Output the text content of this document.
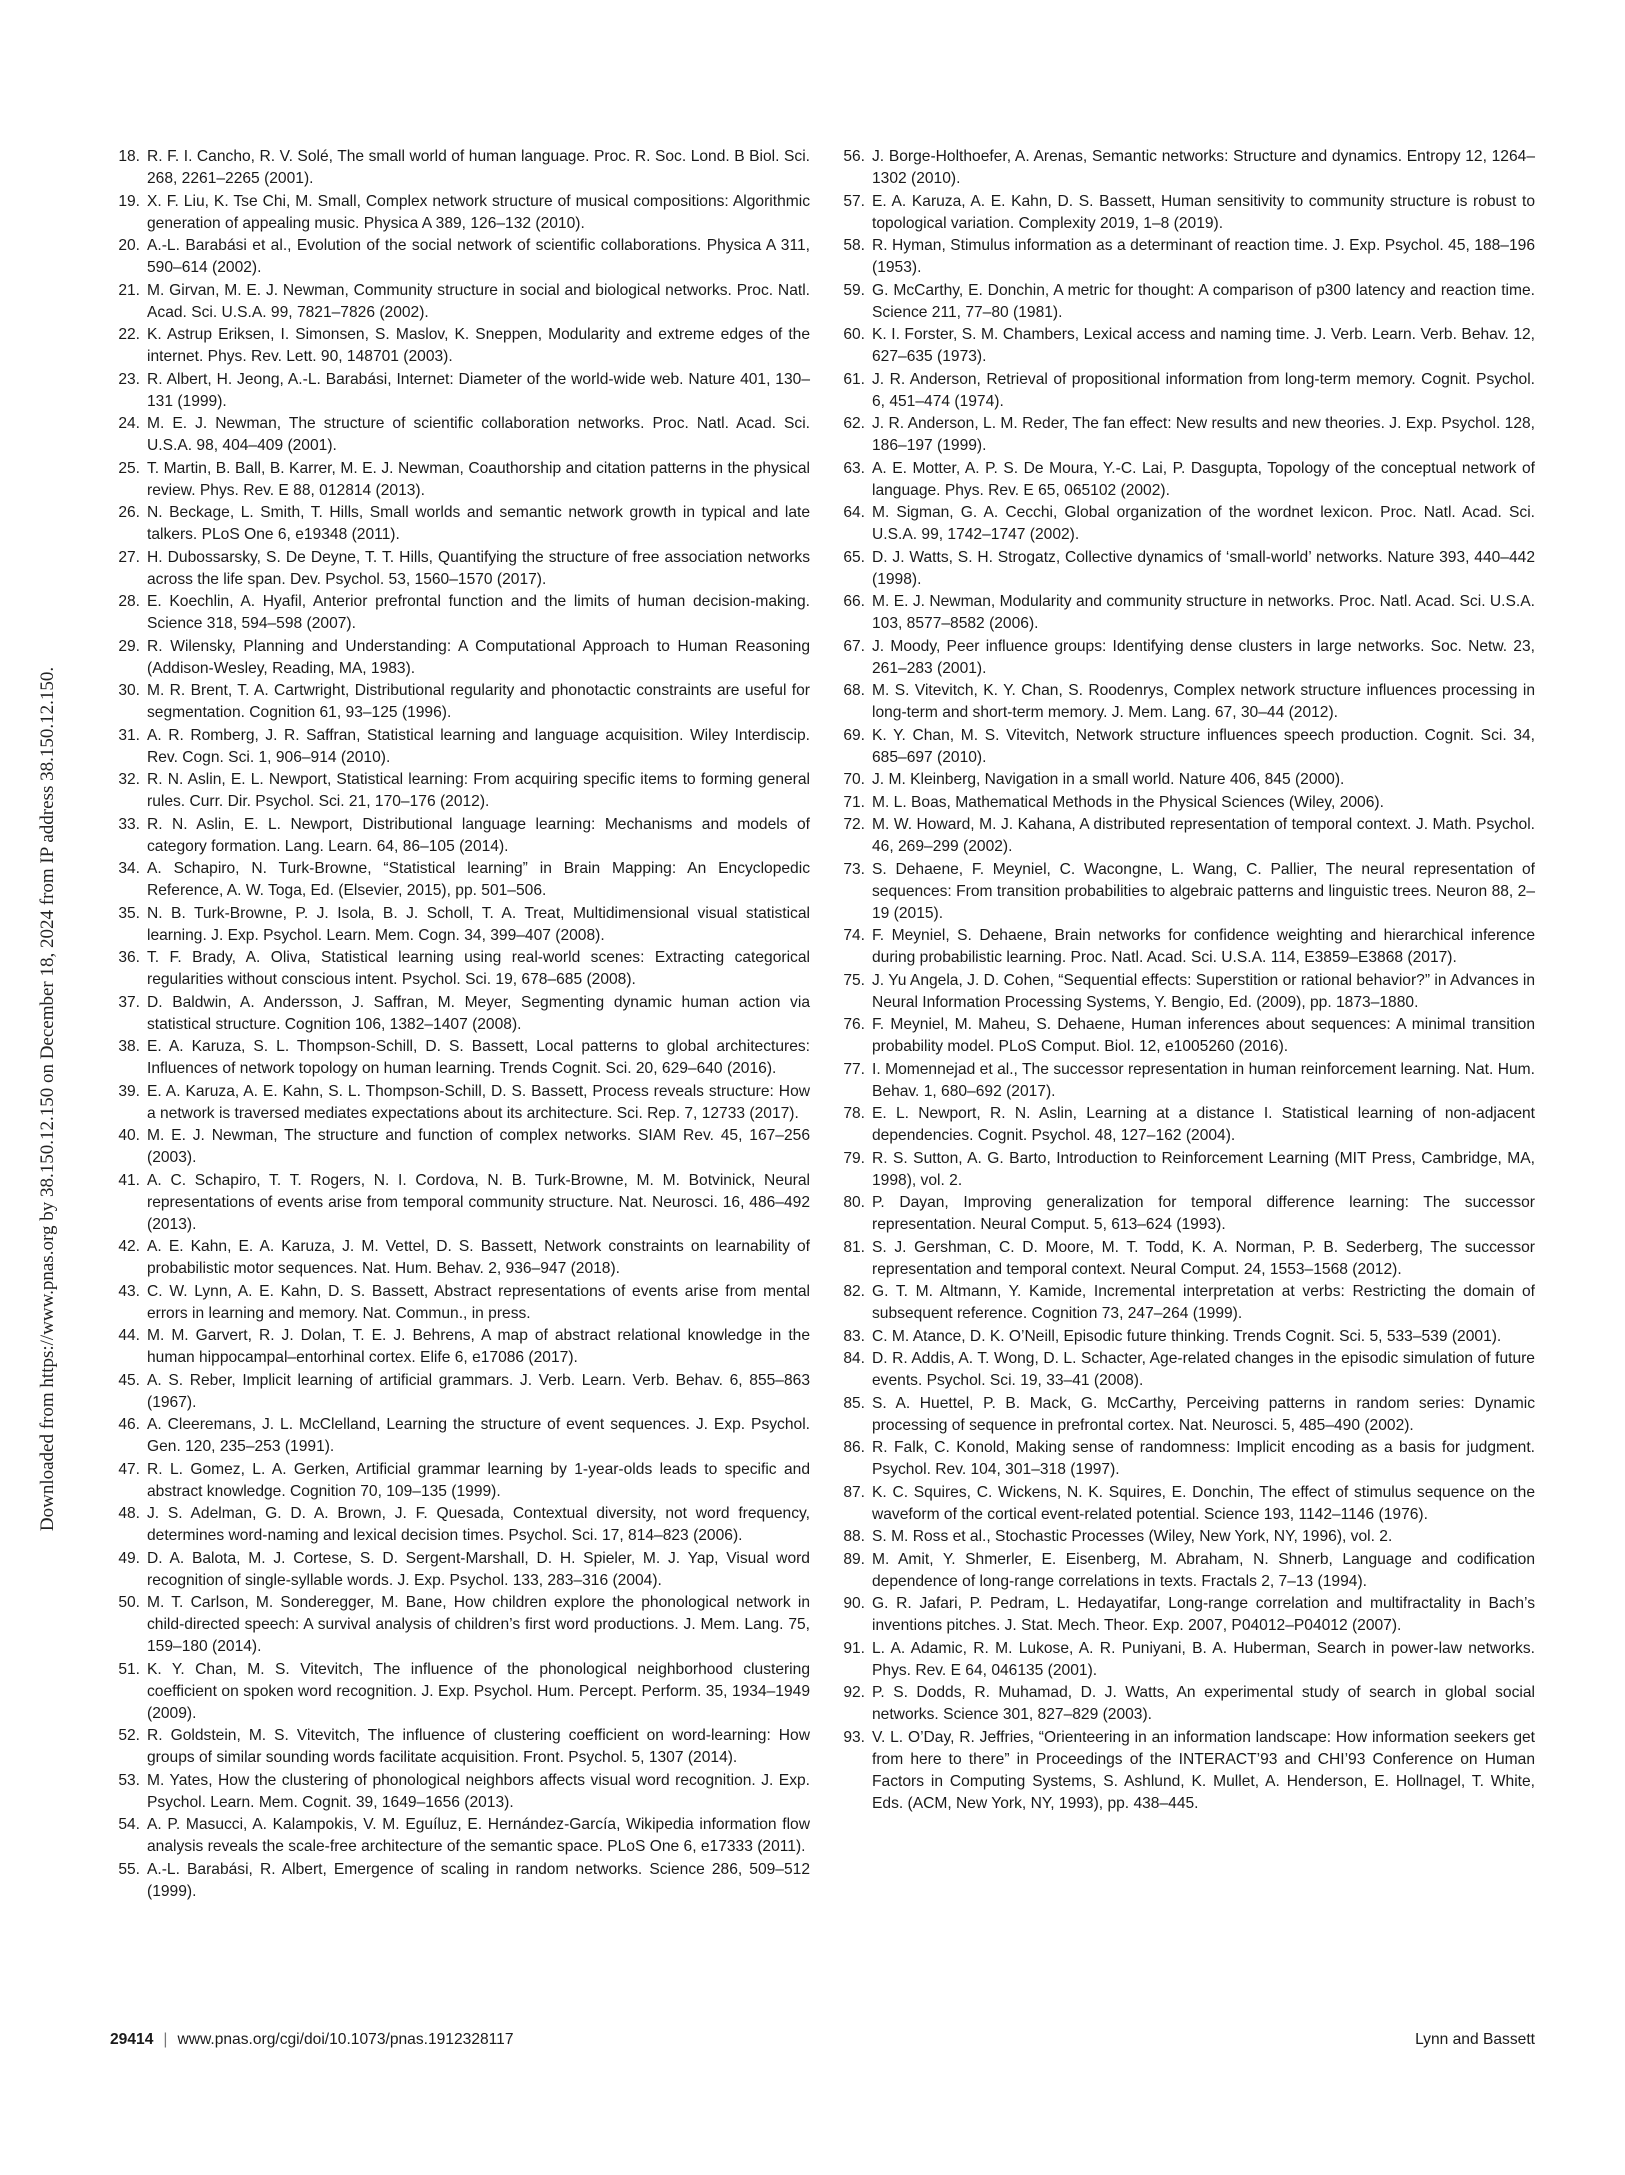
Downloaded from https://www.pnas.org by 38.150.12.150 on December 18, 2024 from IP address 38.150.12.150.
18. R. F. I. Cancho, R. V. Solé, The small world of human language. Proc. R. Soc. Lond. B Biol. Sci. 268, 2261–2265 (2001).
19. X. F. Liu, K. Tse Chi, M. Small, Complex network structure of musical compositions: Algorithmic generation of appealing music. Physica A 389, 126–132 (2010).
20. A.-L. Barabási et al., Evolution of the social network of scientific collaborations. Physica A 311, 590–614 (2002).
21. M. Girvan, M. E. J. Newman, Community structure in social and biological networks. Proc. Natl. Acad. Sci. U.S.A. 99, 7821–7826 (2002).
22. K. Astrup Eriksen, I. Simonsen, S. Maslov, K. Sneppen, Modularity and extreme edges of the internet. Phys. Rev. Lett. 90, 148701 (2003).
23. R. Albert, H. Jeong, A.-L. Barabási, Internet: Diameter of the world-wide web. Nature 401, 130–131 (1999).
24. M. E. J. Newman, The structure of scientific collaboration networks. Proc. Natl. Acad. Sci. U.S.A. 98, 404–409 (2001).
25. T. Martin, B. Ball, B. Karrer, M. E. J. Newman, Coauthorship and citation patterns in the physical review. Phys. Rev. E 88, 012814 (2013).
26. N. Beckage, L. Smith, T. Hills, Small worlds and semantic network growth in typical and late talkers. PLoS One 6, e19348 (2011).
27. H. Dubossarsky, S. De Deyne, T. T. Hills, Quantifying the structure of free association networks across the life span. Dev. Psychol. 53, 1560–1570 (2017).
28. E. Koechlin, A. Hyafil, Anterior prefrontal function and the limits of human decision-making. Science 318, 594–598 (2007).
29. R. Wilensky, Planning and Understanding: A Computational Approach to Human Reasoning (Addison-Wesley, Reading, MA, 1983).
30. M. R. Brent, T. A. Cartwright, Distributional regularity and phonotactic constraints are useful for segmentation. Cognition 61, 93–125 (1996).
31. A. R. Romberg, J. R. Saffran, Statistical learning and language acquisition. Wiley Interdiscip. Rev. Cogn. Sci. 1, 906–914 (2010).
32. R. N. Aslin, E. L. Newport, Statistical learning: From acquiring specific items to forming general rules. Curr. Dir. Psychol. Sci. 21, 170–176 (2012).
33. R. N. Aslin, E. L. Newport, Distributional language learning: Mechanisms and models of category formation. Lang. Learn. 64, 86–105 (2014).
34. A. Schapiro, N. Turk-Browne, “Statistical learning” in Brain Mapping: An Encyclopedic Reference, A. W. Toga, Ed. (Elsevier, 2015), pp. 501–506.
35. N. B. Turk-Browne, P. J. Isola, B. J. Scholl, T. A. Treat, Multidimensional visual statistical learning. J. Exp. Psychol. Learn. Mem. Cogn. 34, 399–407 (2008).
36. T. F. Brady, A. Oliva, Statistical learning using real-world scenes: Extracting categorical regularities without conscious intent. Psychol. Sci. 19, 678–685 (2008).
37. D. Baldwin, A. Andersson, J. Saffran, M. Meyer, Segmenting dynamic human action via statistical structure. Cognition 106, 1382–1407 (2008).
38. E. A. Karuza, S. L. Thompson-Schill, D. S. Bassett, Local patterns to global architectures: Influences of network topology on human learning. Trends Cognit. Sci. 20, 629–640 (2016).
39. E. A. Karuza, A. E. Kahn, S. L. Thompson-Schill, D. S. Bassett, Process reveals structure: How a network is traversed mediates expectations about its architecture. Sci. Rep. 7, 12733 (2017).
40. M. E. J. Newman, The structure and function of complex networks. SIAM Rev. 45, 167–256 (2003).
41. A. C. Schapiro, T. T. Rogers, N. I. Cordova, N. B. Turk-Browne, M. M. Botvinick, Neural representations of events arise from temporal community structure. Nat. Neurosci. 16, 486–492 (2013).
42. A. E. Kahn, E. A. Karuza, J. M. Vettel, D. S. Bassett, Network constraints on learnability of probabilistic motor sequences. Nat. Hum. Behav. 2, 936–947 (2018).
43. C. W. Lynn, A. E. Kahn, D. S. Bassett, Abstract representations of events arise from mental errors in learning and memory. Nat. Commun., in press.
44. M. M. Garvert, R. J. Dolan, T. E. J. Behrens, A map of abstract relational knowledge in the human hippocampal–entorhinal cortex. Elife 6, e17086 (2017).
45. A. S. Reber, Implicit learning of artificial grammars. J. Verb. Learn. Verb. Behav. 6, 855–863 (1967).
46. A. Cleeremans, J. L. McClelland, Learning the structure of event sequences. J. Exp. Psychol. Gen. 120, 235–253 (1991).
47. R. L. Gomez, L. A. Gerken, Artificial grammar learning by 1-year-olds leads to specific and abstract knowledge. Cognition 70, 109–135 (1999).
48. J. S. Adelman, G. D. A. Brown, J. F. Quesada, Contextual diversity, not word frequency, determines word-naming and lexical decision times. Psychol. Sci. 17, 814–823 (2006).
49. D. A. Balota, M. J. Cortese, S. D. Sergent-Marshall, D. H. Spieler, M. J. Yap, Visual word recognition of single-syllable words. J. Exp. Psychol. 133, 283–316 (2004).
50. M. T. Carlson, M. Sonderegger, M. Bane, How children explore the phonological network in child-directed speech: A survival analysis of children’s first word productions. J. Mem. Lang. 75, 159–180 (2014).
51. K. Y. Chan, M. S. Vitevitch, The influence of the phonological neighborhood clustering coefficient on spoken word recognition. J. Exp. Psychol. Hum. Percept. Perform. 35, 1934–1949 (2009).
52. R. Goldstein, M. S. Vitevitch, The influence of clustering coefficient on word-learning: How groups of similar sounding words facilitate acquisition. Front. Psychol. 5, 1307 (2014).
53. M. Yates, How the clustering of phonological neighbors affects visual word recognition. J. Exp. Psychol. Learn. Mem. Cognit. 39, 1649–1656 (2013).
54. A. P. Masucci, A. Kalampokis, V. M. Eguíluz, E. Hernández-García, Wikipedia information flow analysis reveals the scale-free architecture of the semantic space. PLoS One 6, e17333 (2011).
55. A.-L. Barabási, R. Albert, Emergence of scaling in random networks. Science 286, 509–512 (1999).
56. J. Borge-Holthoefer, A. Arenas, Semantic networks: Structure and dynamics. Entropy 12, 1264–1302 (2010).
57. E. A. Karuza, A. E. Kahn, D. S. Bassett, Human sensitivity to community structure is robust to topological variation. Complexity 2019, 1–8 (2019).
58. R. Hyman, Stimulus information as a determinant of reaction time. J. Exp. Psychol. 45, 188–196 (1953).
59. G. McCarthy, E. Donchin, A metric for thought: A comparison of p300 latency and reaction time. Science 211, 77–80 (1981).
60. K. I. Forster, S. M. Chambers, Lexical access and naming time. J. Verb. Learn. Verb. Behav. 12, 627–635 (1973).
61. J. R. Anderson, Retrieval of propositional information from long-term memory. Cognit. Psychol. 6, 451–474 (1974).
62. J. R. Anderson, L. M. Reder, The fan effect: New results and new theories. J. Exp. Psychol. 128, 186–197 (1999).
63. A. E. Motter, A. P. S. De Moura, Y.-C. Lai, P. Dasgupta, Topology of the conceptual network of language. Phys. Rev. E 65, 065102 (2002).
64. M. Sigman, G. A. Cecchi, Global organization of the wordnet lexicon. Proc. Natl. Acad. Sci. U.S.A. 99, 1742–1747 (2002).
65. D. J. Watts, S. H. Strogatz, Collective dynamics of ‘small-world’ networks. Nature 393, 440–442 (1998).
66. M. E. J. Newman, Modularity and community structure in networks. Proc. Natl. Acad. Sci. U.S.A. 103, 8577–8582 (2006).
67. J. Moody, Peer influence groups: Identifying dense clusters in large networks. Soc. Netw. 23, 261–283 (2001).
68. M. S. Vitevitch, K. Y. Chan, S. Roodenrys, Complex network structure influences processing in long-term and short-term memory. J. Mem. Lang. 67, 30–44 (2012).
69. K. Y. Chan, M. S. Vitevitch, Network structure influences speech production. Cognit. Sci. 34, 685–697 (2010).
70. J. M. Kleinberg, Navigation in a small world. Nature 406, 845 (2000).
71. M. L. Boas, Mathematical Methods in the Physical Sciences (Wiley, 2006).
72. M. W. Howard, M. J. Kahana, A distributed representation of temporal context. J. Math. Psychol. 46, 269–299 (2002).
73. S. Dehaene, F. Meyniel, C. Wacongne, L. Wang, C. Pallier, The neural representation of sequences: From transition probabilities to algebraic patterns and linguistic trees. Neuron 88, 2–19 (2015).
74. F. Meyniel, S. Dehaene, Brain networks for confidence weighting and hierarchical inference during probabilistic learning. Proc. Natl. Acad. Sci. U.S.A. 114, E3859–E3868 (2017).
75. J. Yu Angela, J. D. Cohen, “Sequential effects: Superstition or rational behavior?” in Advances in Neural Information Processing Systems, Y. Bengio, Ed. (2009), pp. 1873–1880.
76. F. Meyniel, M. Maheu, S. Dehaene, Human inferences about sequences: A minimal transition probability model. PLoS Comput. Biol. 12, e1005260 (2016).
77. I. Momennejad et al., The successor representation in human reinforcement learning. Nat. Hum. Behav. 1, 680–692 (2017).
78. E. L. Newport, R. N. Aslin, Learning at a distance I. Statistical learning of non-adjacent dependencies. Cognit. Psychol. 48, 127–162 (2004).
79. R. S. Sutton, A. G. Barto, Introduction to Reinforcement Learning (MIT Press, Cambridge, MA, 1998), vol. 2.
80. P. Dayan, Improving generalization for temporal difference learning: The successor representation. Neural Comput. 5, 613–624 (1993).
81. S. J. Gershman, C. D. Moore, M. T. Todd, K. A. Norman, P. B. Sederberg, The successor representation and temporal context. Neural Comput. 24, 1553–1568 (2012).
82. G. T. M. Altmann, Y. Kamide, Incremental interpretation at verbs: Restricting the domain of subsequent reference. Cognition 73, 247–264 (1999).
83. C. M. Atance, D. K. O’Neill, Episodic future thinking. Trends Cognit. Sci. 5, 533–539 (2001).
84. D. R. Addis, A. T. Wong, D. L. Schacter, Age-related changes in the episodic simulation of future events. Psychol. Sci. 19, 33–41 (2008).
85. S. A. Huettel, P. B. Mack, G. McCarthy, Perceiving patterns in random series: Dynamic processing of sequence in prefrontal cortex. Nat. Neurosci. 5, 485–490 (2002).
86. R. Falk, C. Konold, Making sense of randomness: Implicit encoding as a basis for judgment. Psychol. Rev. 104, 301–318 (1997).
87. K. C. Squires, C. Wickens, N. K. Squires, E. Donchin, The effect of stimulus sequence on the waveform of the cortical event-related potential. Science 193, 1142–1146 (1976).
88. S. M. Ross et al., Stochastic Processes (Wiley, New York, NY, 1996), vol. 2.
89. M. Amit, Y. Shmerler, E. Eisenberg, M. Abraham, N. Shnerb, Language and codification dependence of long-range correlations in texts. Fractals 2, 7–13 (1994).
90. G. R. Jafari, P. Pedram, L. Hedayatifar, Long-range correlation and multifractality in Bach’s inventions pitches. J. Stat. Mech. Theor. Exp. 2007, P04012–P04012 (2007).
91. L. A. Adamic, R. M. Lukose, A. R. Puniyani, B. A. Huberman, Search in power-law networks. Phys. Rev. E 64, 046135 (2001).
92. P. S. Dodds, R. Muhamad, D. J. Watts, An experimental study of search in global social networks. Science 301, 827–829 (2003).
93. V. L. O’Day, R. Jeffries, “Orienteering in an information landscape: How information seekers get from here to there” in Proceedings of the INTERACT’93 and CHI’93 Conference on Human Factors in Computing Systems, S. Ashlund, K. Mullet, A. Henderson, E. Hollnagel, T. White, Eds. (ACM, New York, NY, 1993), pp. 438–445.
29414 | www.pnas.org/cgi/doi/10.1073/pnas.1912328117	Lynn and Bassett
